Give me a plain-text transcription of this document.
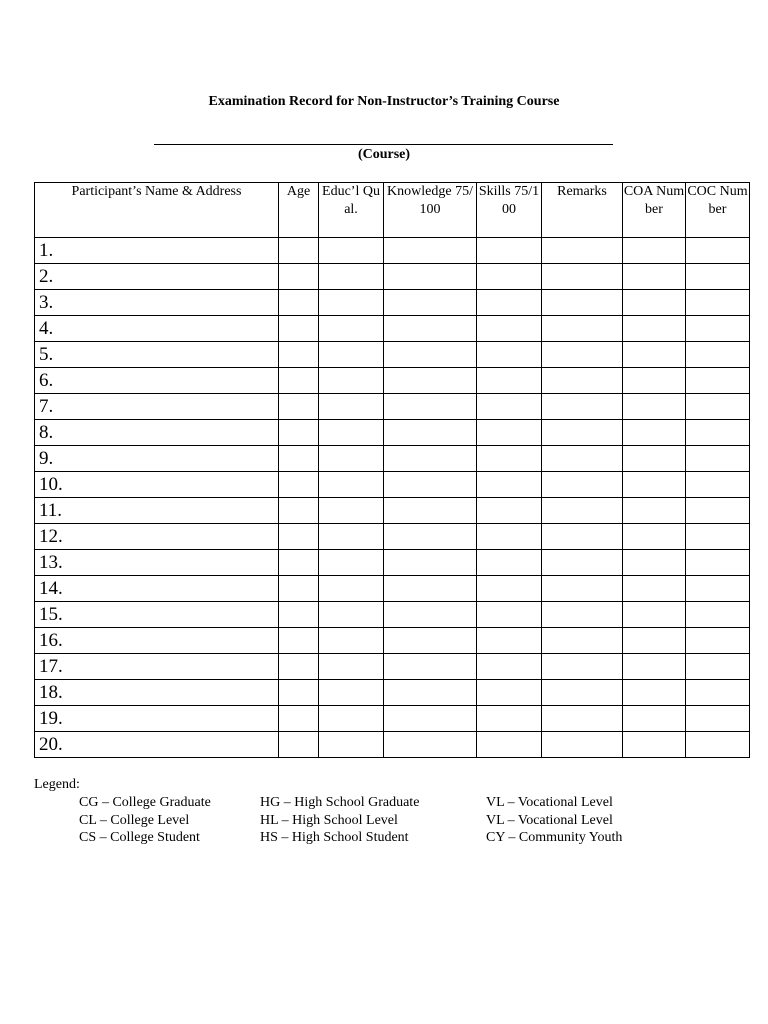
Examination Record for Non-Instructor’s Training Course
(Course)
Participant’s Name & Address	Age	Educ’l Qual.	Knowledge 75/100	Skills 75/100	Remarks	COA Number	COC Number
1.							
2.							
3.							
4.							
5.							
6.							
7.							
8.							
9.							
10.							
11.							
12.							
13.							
14.							
15.							
16.							
17.							
18.							
19.							
20.							
Legend:
CG – College Graduate
CL – College Level
CS – College Student
HG – High School Graduate
HL – High School Level
HS – High School Student
VL – Vocational Level
VL – Vocational Level
CY – Community Youth
